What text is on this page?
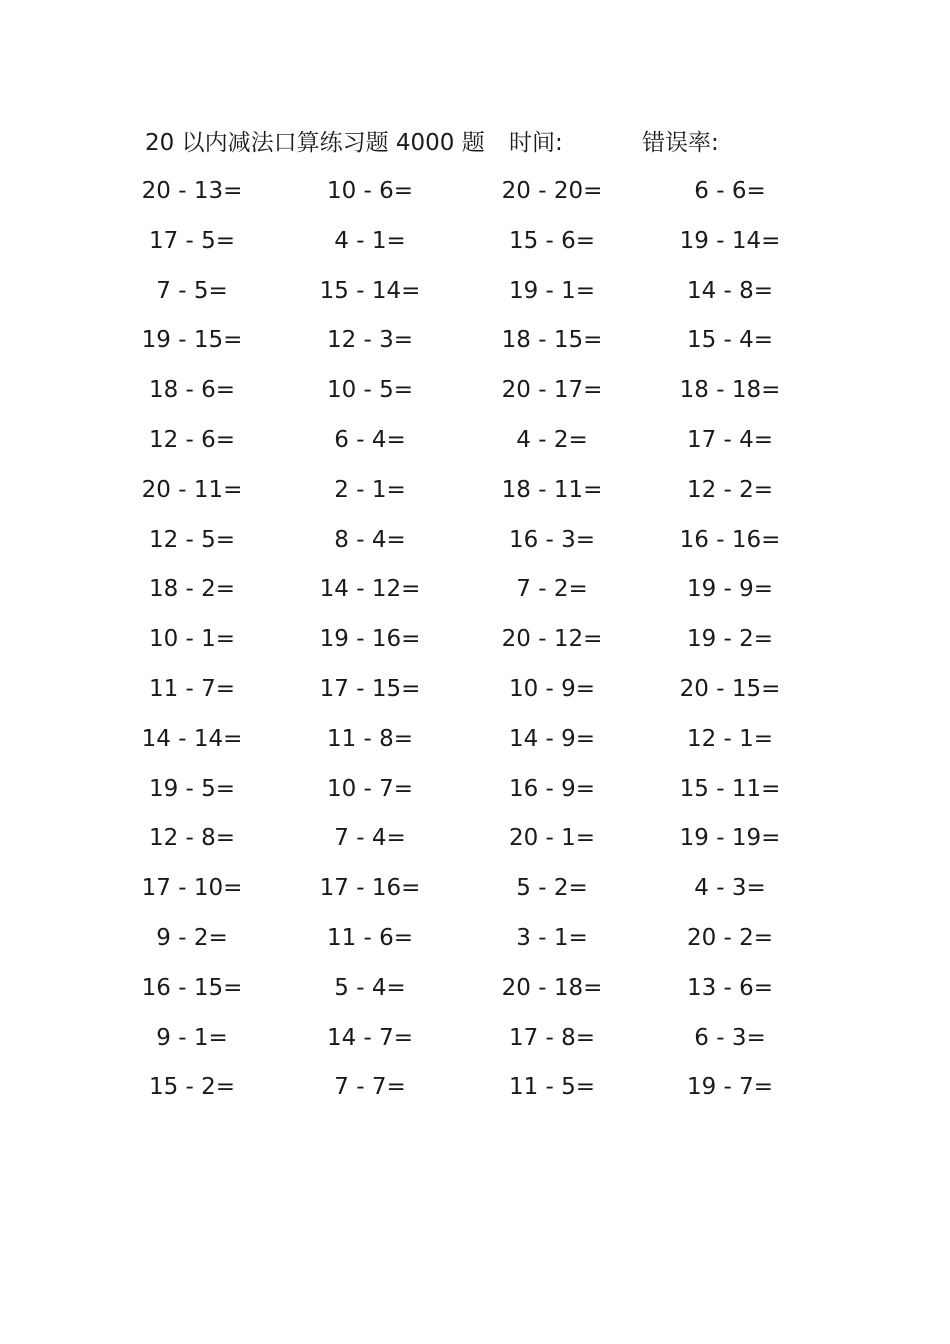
20 以内减法口算练习题 4000 题 时间:	错误率:
20 - 13=	10 - 6=	20 - 20=	6 - 6=
17 - 5=	4 - 1=	15 - 6=	19 - 14=
7 - 5=	15 - 14=	19 - 1=	14 - 8=
19 - 15=	12 - 3=	18 - 15=	15 - 4=
18 - 6=	10 - 5=	20 - 17=	18 - 18=
12 - 6=	6 - 4=	4 - 2=	17 - 4=
20 - 11=	2 - 1=	18 - 11=	12 - 2=
12 - 5=	8 - 4=	16 - 3=	16 - 16=
18 - 2=	14 - 12=	7 - 2=	19 - 9=
10 - 1=	19 - 16=	20 - 12=	19 - 2=
11 - 7=	17 - 15=	10 - 9=	20 - 15=
14 - 14=	11 - 8=	14 - 9=	12 - 1=
19 - 5=	10 - 7=	16 - 9=	15 - 11=
12 - 8=	7 - 4=	20 - 1=	19 - 19=
17 - 10=	17 - 16=	5 - 2=	4 - 3=
9 - 2=	11 - 6=	3 - 1=	20 - 2=
16 - 15=	5 - 4=	20 - 18=	13 - 6=
9 - 1=	14 - 7=	17 - 8=	6 - 3=
15 - 2=	7 - 7=	11 - 5=	19 - 7=
